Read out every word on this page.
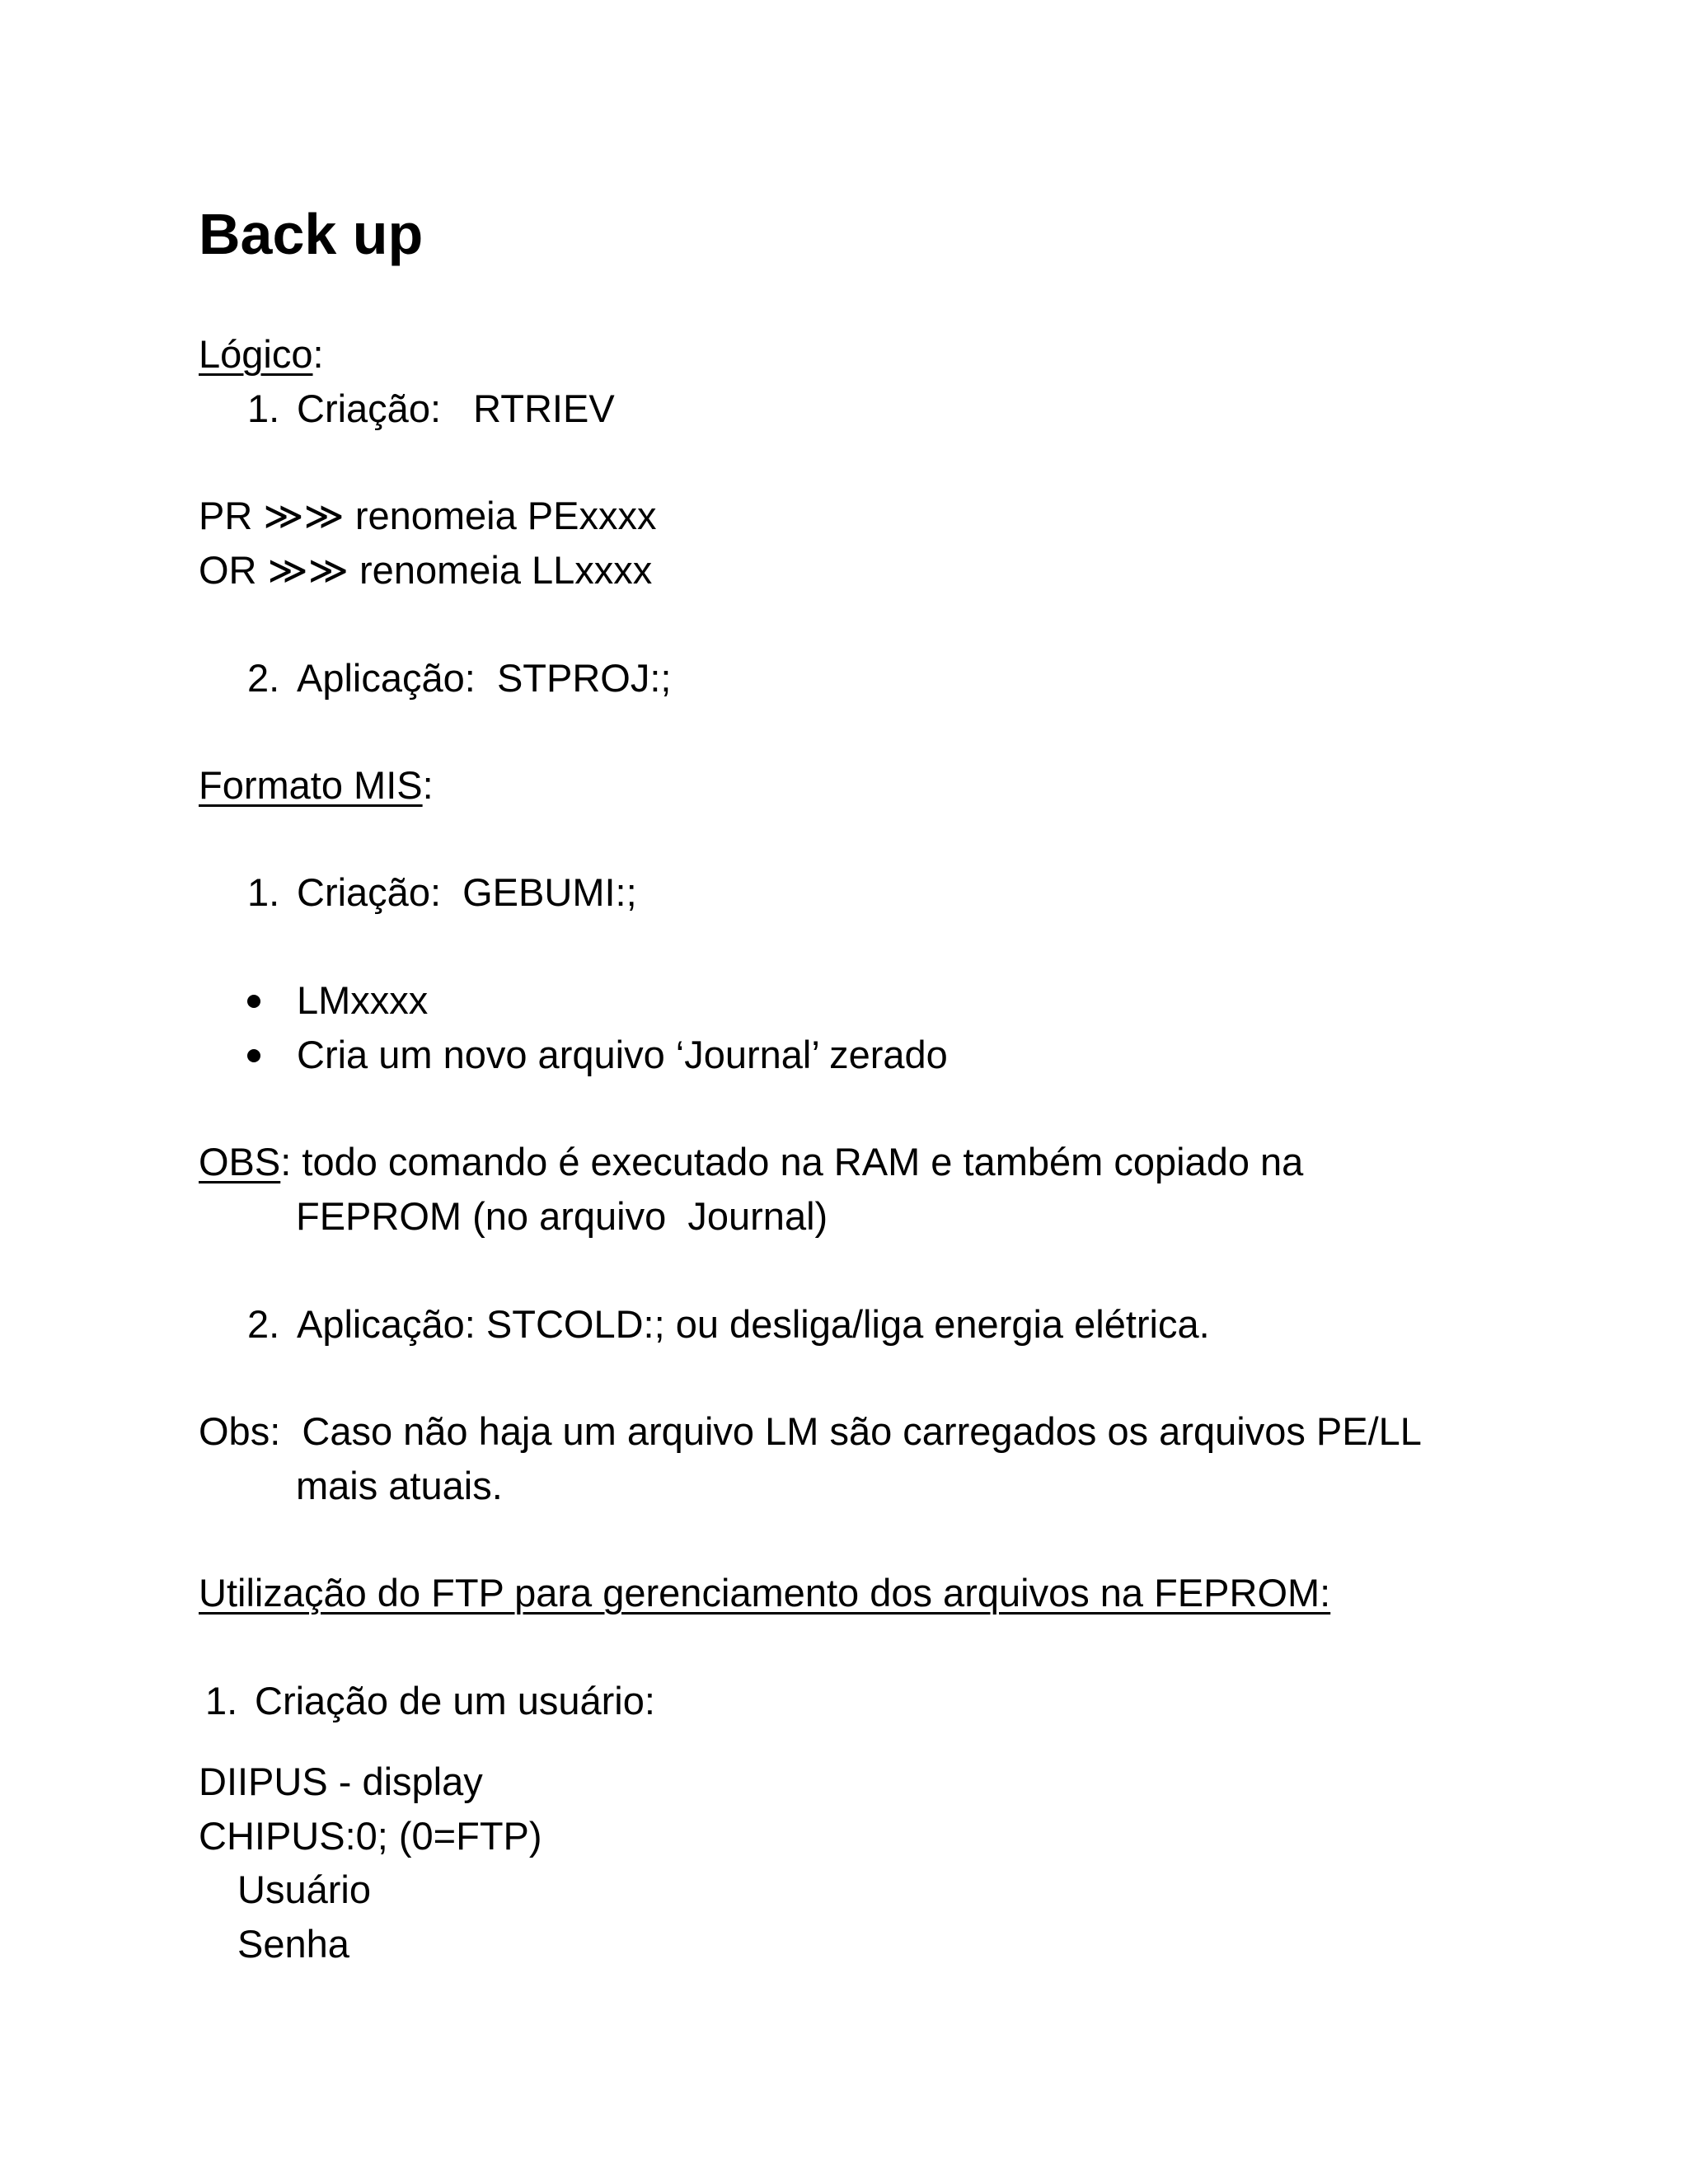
Back up
Lógico:
1. Criação:   RTRIEV
PR ≫≫ renomeia PExxxx
OR ≫≫ renomeia LLxxxx
2. Aplicação:  STPROJ:;
Formato MIS:
1. Criação:  GEBUMI:;
LMxxxx
Cria um novo arquivo ‘Journal’ zerado
OBS: todo comando é executado na RAM e também copiado na
FEPROM (no arquivo  Journal)
2. Aplicação: STCOLD:; ou desliga/liga energia elétrica.
Obs:  Caso não haja um arquivo LM são carregados os arquivos PE/LL
mais atuais.
Utilização do FTP para gerenciamento dos arquivos na FEPROM:
1. Criação de um usuário:
DIIPUS - display
CHIPUS:0; (0=FTP)
Usuário
Senha
